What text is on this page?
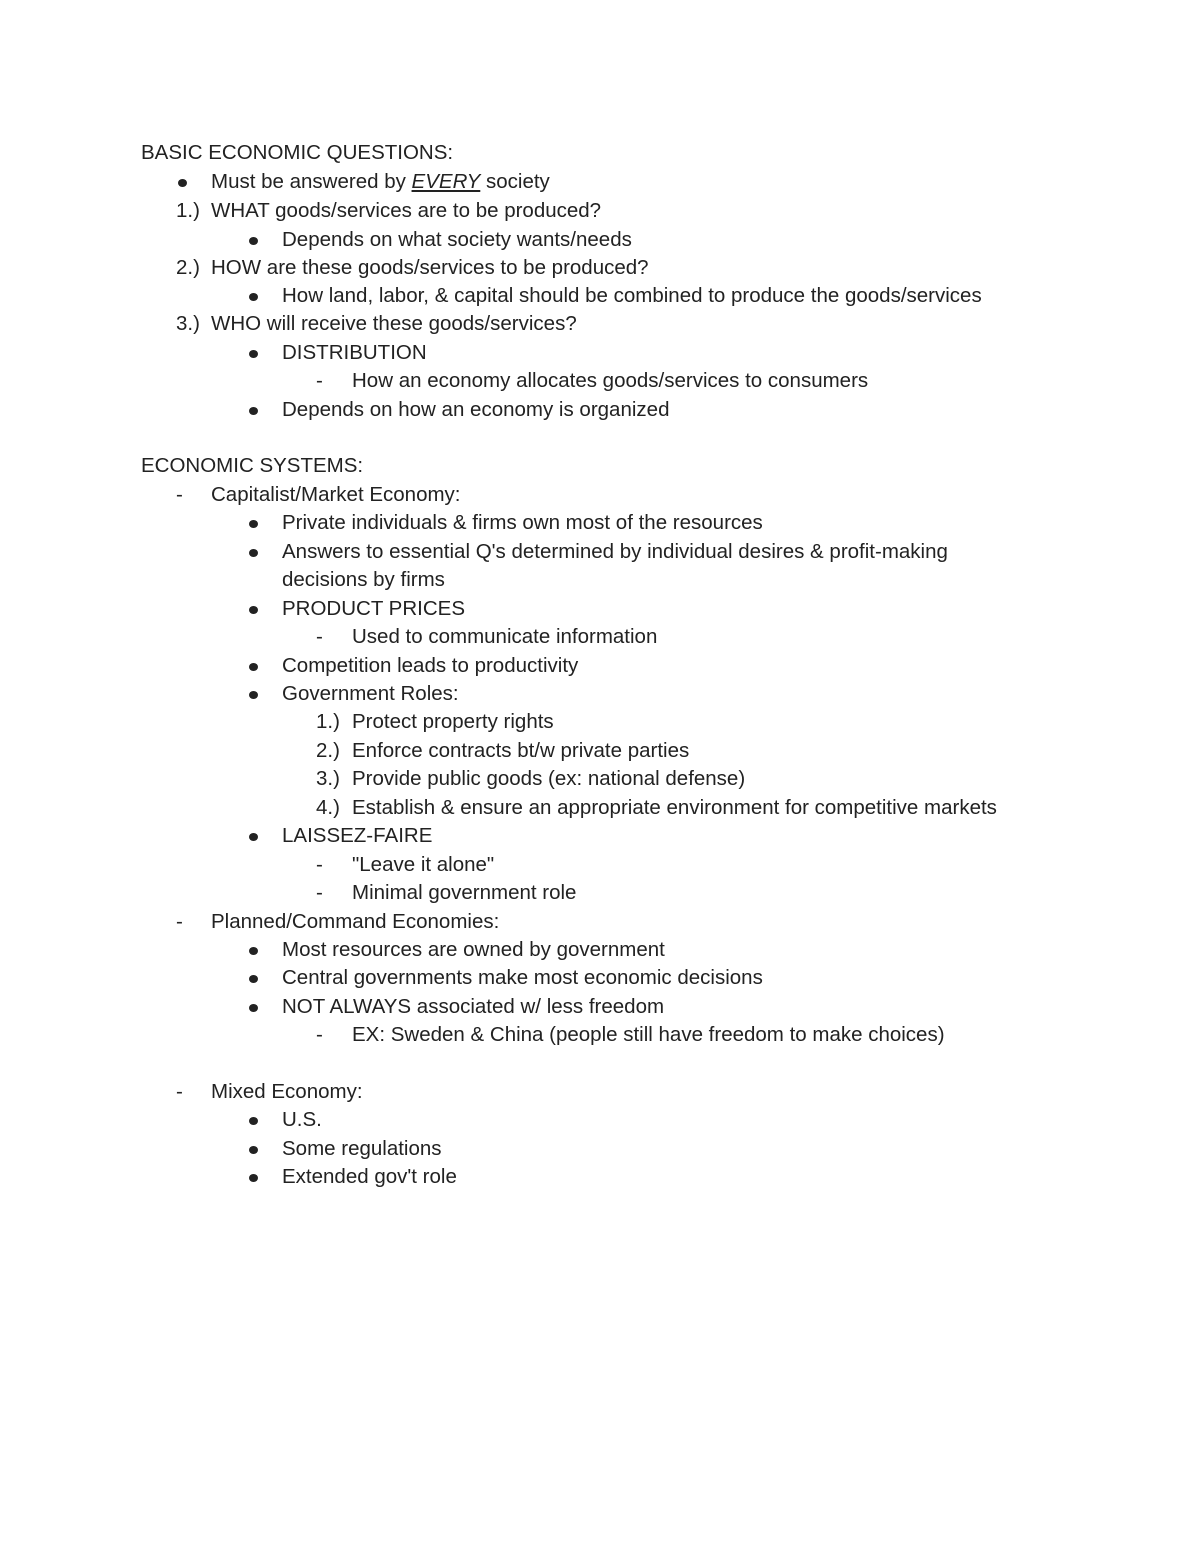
BASIC ECONOMIC QUESTIONS:
Must be answered by EVERY society
1.) WHAT goods/services are to be produced?
Depends on what society wants/needs
2.) HOW are these goods/services to be produced?
How land, labor, & capital should be combined to produce the goods/services
3.) WHO will receive these goods/services?
DISTRIBUTION
- How an economy allocates goods/services to consumers
Depends on how an economy is organized
ECONOMIC SYSTEMS:
- Capitalist/Market Economy:
Private individuals & firms own most of the resources
Answers to essential Q's determined by individual desires & profit-making
decisions by firms
PRODUCT PRICES
- Used to communicate information
Competition leads to productivity
Government Roles:
1.) Protect property rights
2.) Enforce contracts bt/w private parties
3.) Provide public goods (ex: national defense)
4.) Establish & ensure an appropriate environment for competitive markets
LAISSEZ-FAIRE
- "Leave it alone"
- Minimal government role
- Planned/Command Economies:
Most resources are owned by government
Central governments make most economic decisions
NOT ALWAYS associated w/ less freedom
- EX: Sweden & China (people still have freedom to make choices)
- Mixed Economy:
U.S.
Some regulations
Extended gov't role
